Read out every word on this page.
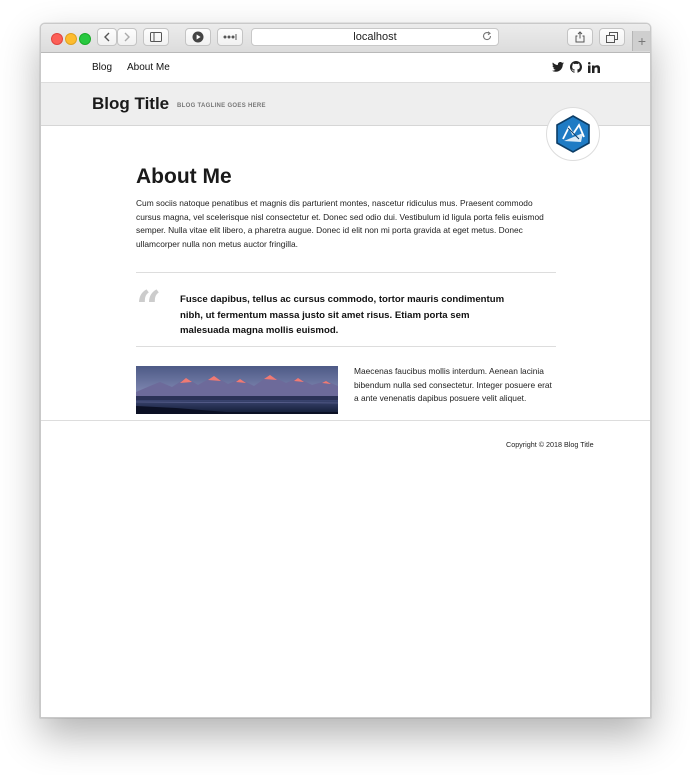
localhost	+
Blog About Me
Blog Title BLOG TAGLINE GOES HERE
About Me
Cum sociis natoque penatibus et magnis dis parturient montes, nascetur ridiculus mus. Praesent commodo cursus magna, vel scelerisque nisl consectetur et. Donec sed odio dui. Vestibulum id ligula porta felis euismod semper. Nulla vitae elit libero, a pharetra augue. Donec id elit non mi porta gravida at eget metus. Donec ullamcorper nulla non metus auctor fringilla.
“ Fusce dapibus, tellus ac cursus commodo, tortor mauris condimentum nibh, ut fermentum massa justo sit amet risus. Etiam porta sem malesuada magna mollis euismod.
Maecenas faucibus mollis interdum. Aenean lacinia bibendum nulla sed consectetur. Integer posuere erat a ante venenatis dapibus posuere velit aliquet.
Copyright © 2018 Blog Title
